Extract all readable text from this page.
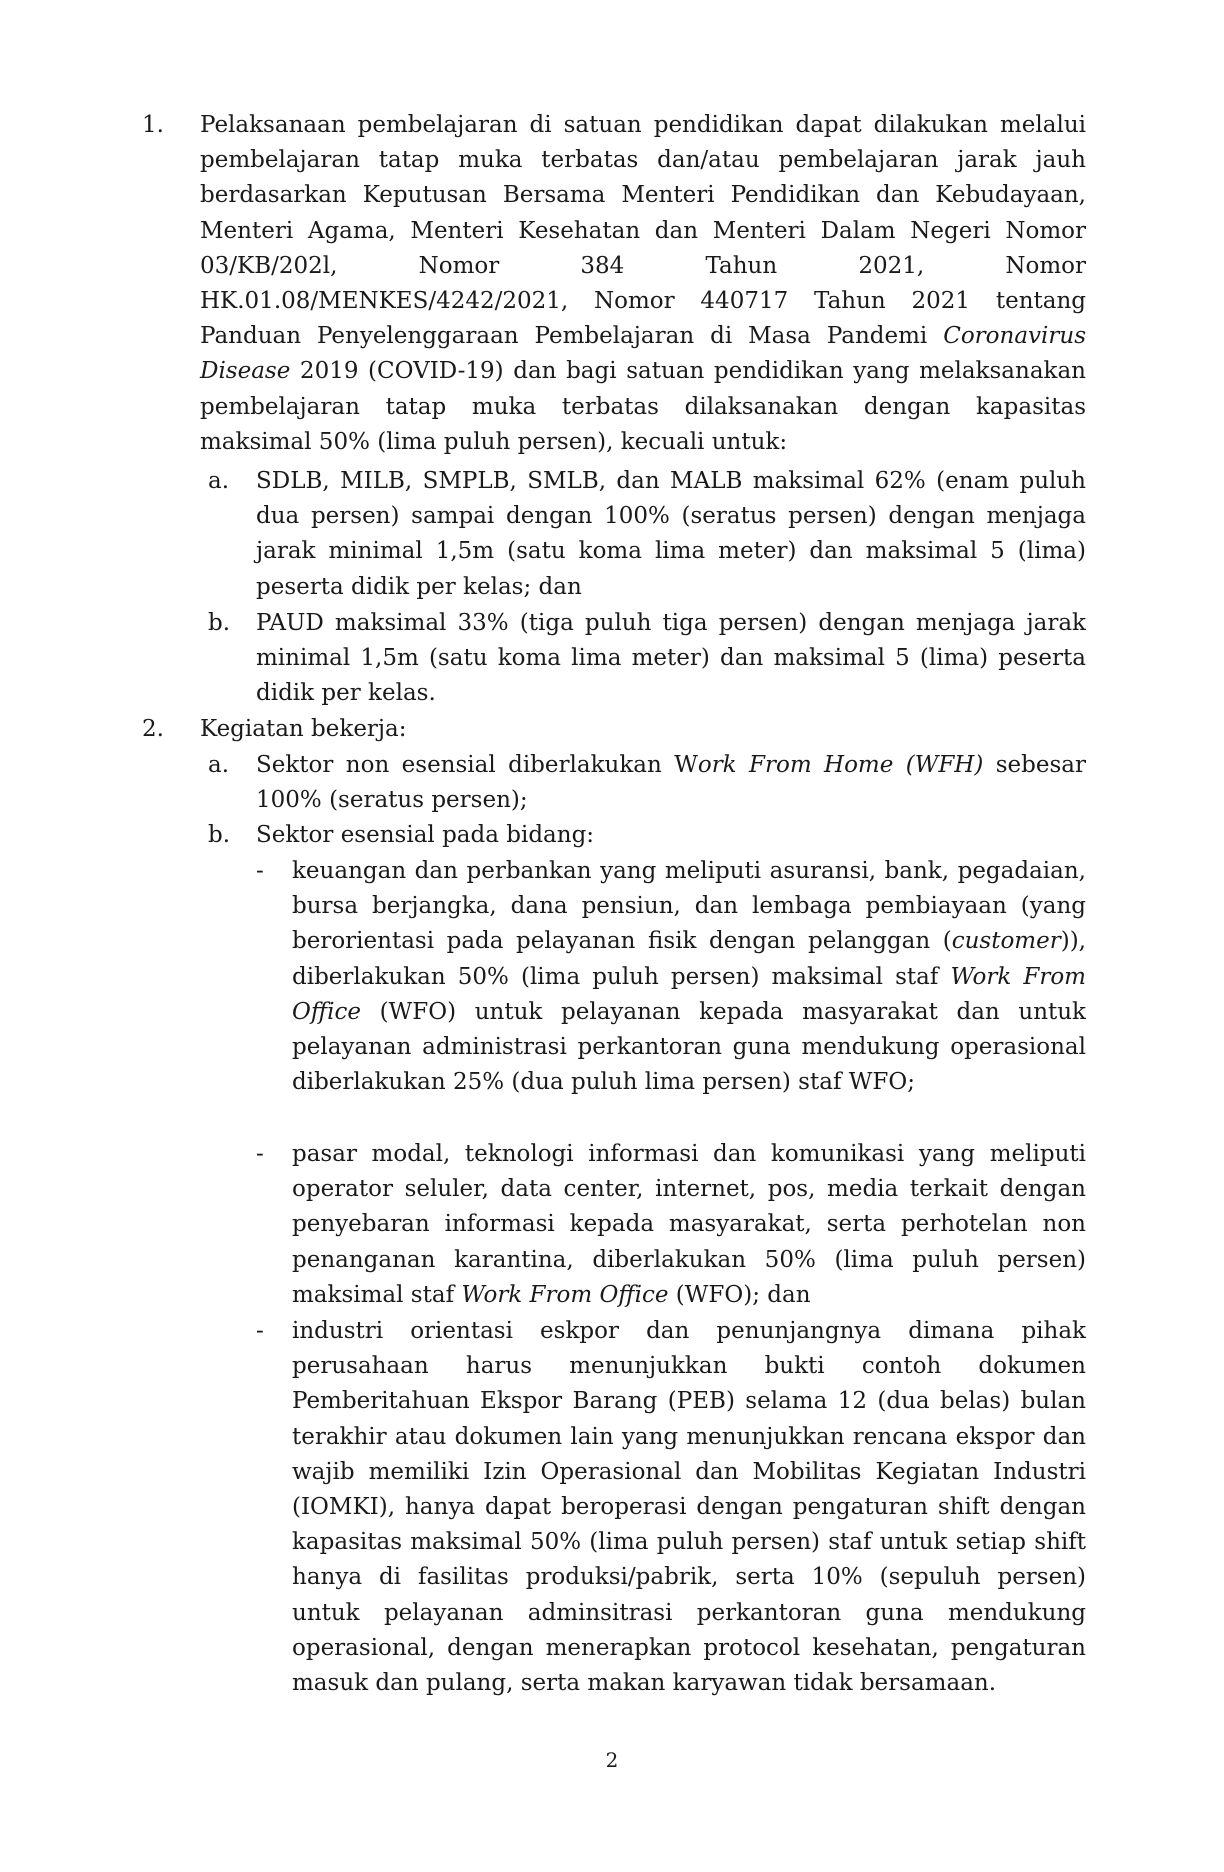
1. Pelaksanaan pembelajaran di satuan pendidikan dapat dilakukan melalui pembelajaran tatap muka terbatas dan/atau pembelajaran jarak jauh berdasarkan Keputusan Bersama Menteri Pendidikan dan Kebudayaan, Menteri Agama, Menteri Kesehatan dan Menteri Dalam Negeri Nomor 03/KB/202l, Nomor 384 Tahun 2021, Nomor HK.01.08/MENKES/4242/2021, Nomor 440717 Tahun 2021 tentang Panduan Penyelenggaraan Pembelajaran di Masa Pandemi Coronavirus Disease 2019 (COVID-19) dan bagi satuan pendidikan yang melaksanakan pembelajaran tatap muka terbatas dilaksanakan dengan kapasitas maksimal 50% (lima puluh persen), kecuali untuk:
a. SDLB, MILB, SMPLB, SMLB, dan MALB maksimal 62% (enam puluh dua persen) sampai dengan 100% (seratus persen) dengan menjaga jarak minimal 1,5m (satu koma lima meter) dan maksimal 5 (lima) peserta didik per kelas; dan
b. PAUD maksimal 33% (tiga puluh tiga persen) dengan menjaga jarak minimal 1,5m (satu koma lima meter) dan maksimal 5 (lima) peserta didik per kelas.
2. Kegiatan bekerja:
a. Sektor non esensial diberlakukan Work From Home (WFH) sebesar 100% (seratus persen);
b. Sektor esensial pada bidang:
- keuangan dan perbankan yang meliputi asuransi, bank, pegadaian, bursa berjangka, dana pensiun, dan lembaga pembiayaan (yang berorientasi pada pelayanan fisik dengan pelanggan (customer)), diberlakukan 50% (lima puluh persen) maksimal staf Work From Office (WFO) untuk pelayanan kepada masyarakat dan untuk pelayanan administrasi perkantoran guna mendukung operasional diberlakukan 25% (dua puluh lima persen) staf WFO;
- pasar modal, teknologi informasi dan komunikasi yang meliputi operator seluler, data center, internet, pos, media terkait dengan penyebaran informasi kepada masyarakat, serta perhotelan non penanganan karantina, diberlakukan 50% (lima puluh persen) maksimal staf Work From Office (WFO); dan
- industri orientasi eskpor dan penunjangnya dimana pihak perusahaan harus menunjukkan bukti contoh dokumen Pemberitahuan Ekspor Barang (PEB) selama 12 (dua belas) bulan terakhir atau dokumen lain yang menunjukkan rencana ekspor dan wajib memiliki Izin Operasional dan Mobilitas Kegiatan Industri (IOMKI), hanya dapat beroperasi dengan pengaturan shift dengan kapasitas maksimal 50% (lima puluh persen) staf untuk setiap shift hanya di fasilitas produksi/pabrik, serta 10% (sepuluh persen) untuk pelayanan adminsitrasi perkantoran guna mendukung operasional, dengan menerapkan protocol kesehatan, pengaturan masuk dan pulang, serta makan karyawan tidak bersamaan.
2
